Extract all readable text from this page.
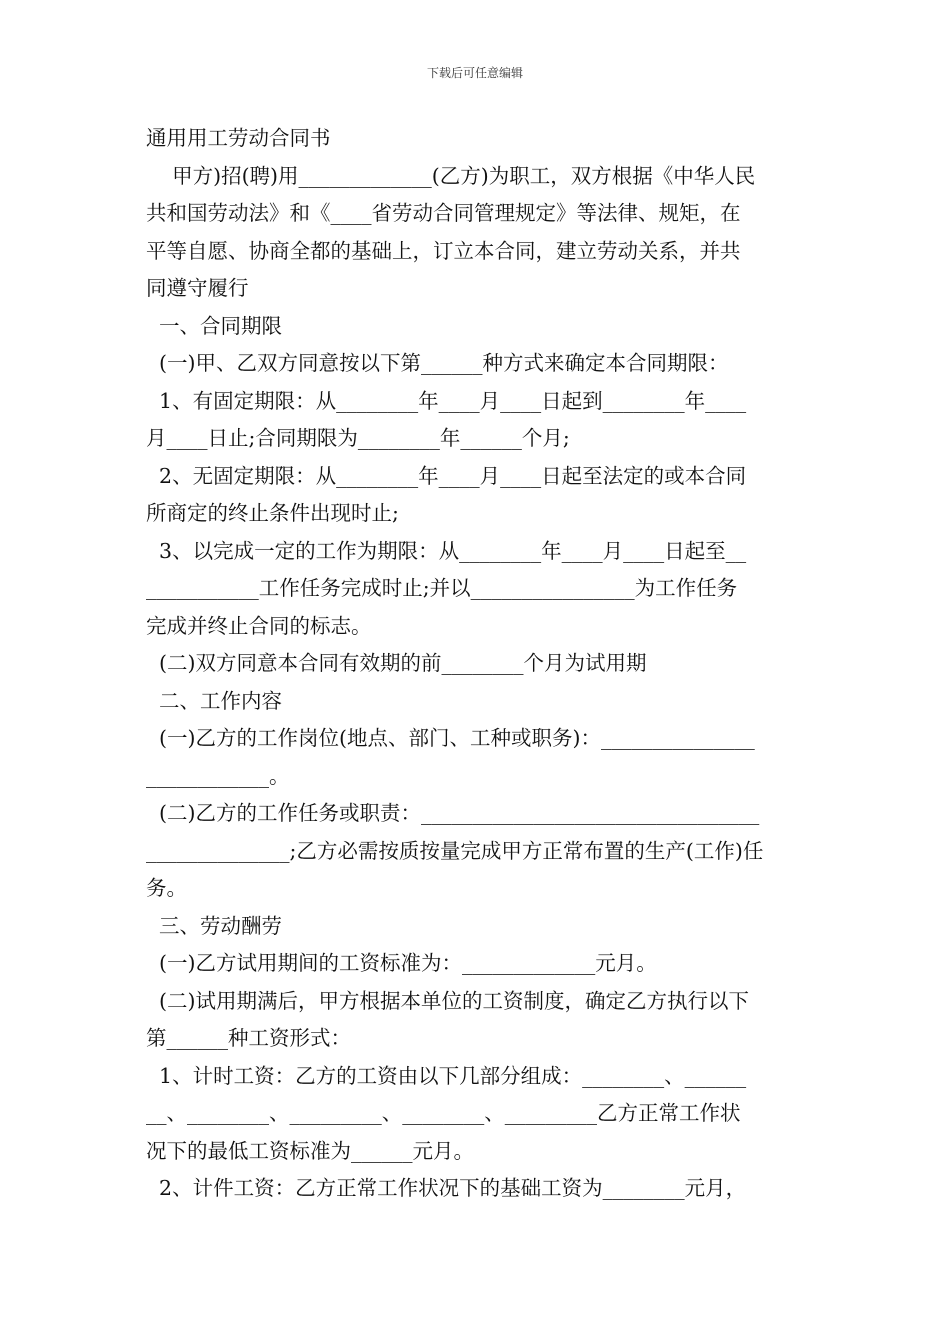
下载后可任意编辑
通用用工劳动合同书
甲方)招(聘)用_____________(乙方)为职工，双方根据《中华人民
共和国劳动法》和《____省劳动合同管理规定》等法律、规矩，在
平等自愿、协商全都的基础上，订立本合同，建立劳动关系，并共
同遵守履行
一、合同期限
(一)甲、乙双方同意按以下第______种方式来确定本合同期限：
1、有固定期限：从________年____月____日起到________年____
月____日止;合同期限为________年______个月;
2、无固定期限：从________年____月____日起至法定的或本合同
所商定的终止条件出现时止;
3、以完成一定的工作为期限：从________年____月____日起至__
___________工作任务完成时止;并以________________为工作任务
完成并终止合同的标志。
(二)双方同意本合同有效期的前________个月为试用期
二、工作内容
(一)乙方的工作岗位(地点、部门、工种或职务)：_______________
____________。
(二)乙方的工作任务或职责：_________________________________
______________;乙方必需按质按量完成甲方正常布置的生产(工作)任
务。
三、劳动酬劳
(一)乙方试用期间的工资标准为：_____________元月。
(二)试用期满后，甲方根据本单位的工资制度，确定乙方执行以下
第______种工资形式：
1、计时工资：乙方的工资由以下几部分组成：________、______
__、________、_________、________、_________乙方正常工作状
况下的最低工资标准为______元月。
2、计件工资：乙方正常工作状况下的基础工资为________元月，
